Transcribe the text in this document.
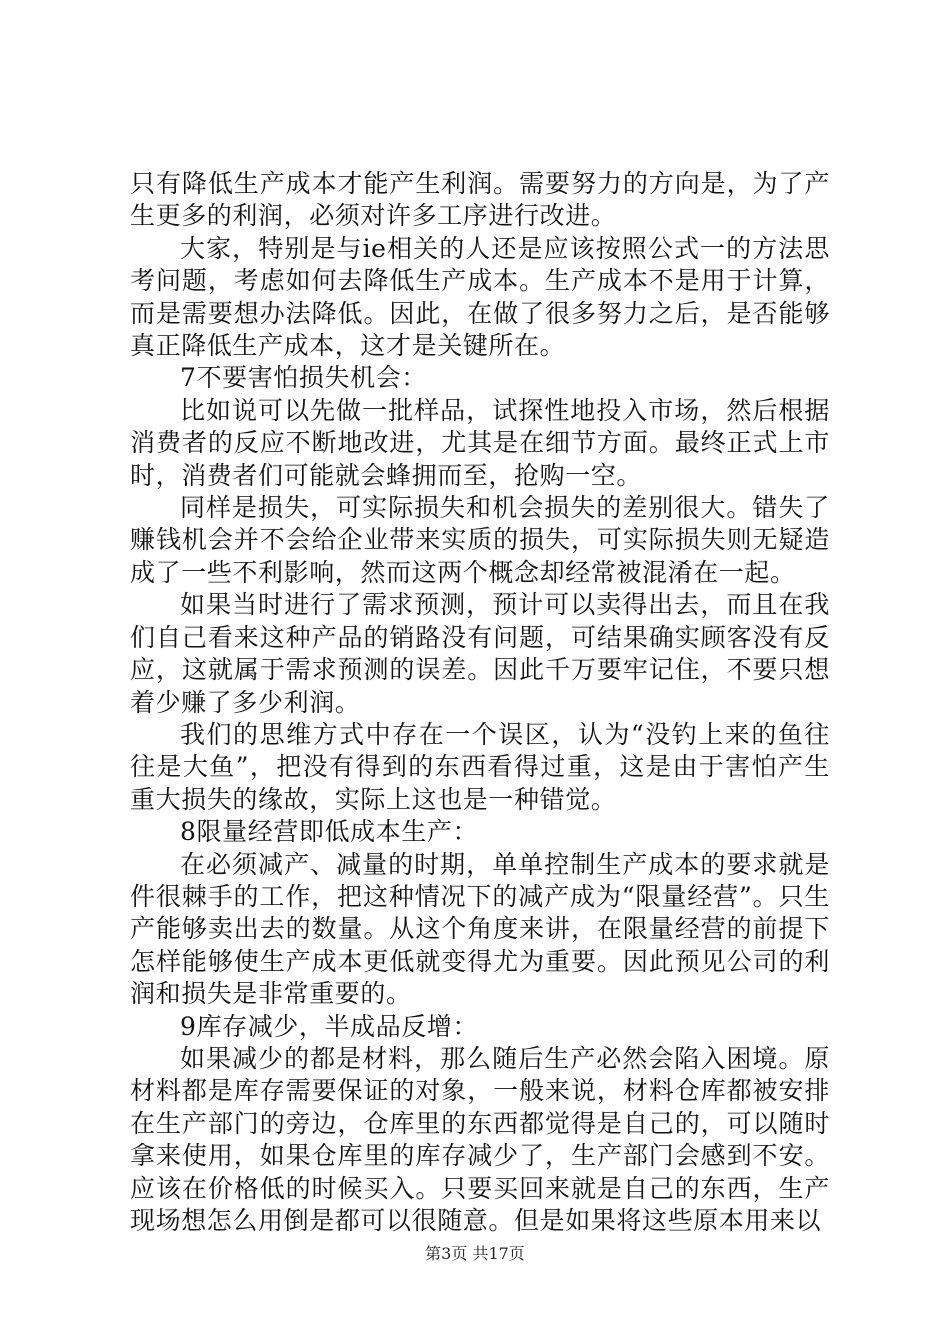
只有降低生产成本才能产生利润。需要努力的方向是，为了产生更多的利润，必须对许多工序进行改进。

大家，特别是与ie相关的人还是应该按照公式一的方法思考问题，考虑如何去降低生产成本。生产成本不是用于计算，而是需要想办法降低。因此，在做了很多努力之后，是否能够真正降低生产成本，这才是关键所在。

7不要害怕损失机会：

比如说可以先做一批样品，试探性地投入市场，然后根据消费者的反应不断地改进，尤其是在细节方面。最终正式上市时，消费者们可能就会蜂拥而至，抢购一空。

同样是损失，可实际损失和机会损失的差别很大。错失了赚钱机会并不会给企业带来实质的损失，可实际损失则无疑造成了一些不利影响，然而这两个概念却经常被混淆在一起。

如果当时进行了需求预测，预计可以卖得出去，而且在我们自己看来这种产品的销路没有问题，可结果确实顾客没有反应，这就属于需求预测的误差。因此千万要牢记住，不要只想着少赚了多少利润。

我们的思维方式中存在一个误区，认为“没钓上来的鱼往往是大鱼”，把没有得到的东西看得过重，这是由于害怕产生重大损失的缘故，实际上这也是一种错觉。

8限量经营即低成本生产：

在必须减产、减量的时期，单单控制生产成本的要求就是件很棘手的工作，把这种情况下的减产成为“限量经营”。只生产能够卖出去的数量。从这个角度来讲，在限量经营的前提下怎样能够使生产成本更低就变得尤为重要。因此预见公司的利润和损失是非常重要的。

9库存减少，半成品反增：

如果减少的都是材料，那么随后生产必然会陷入困境。原材料都是库存需要保证的对象，一般来说，材料仓库都被安排在生产部门的旁边，仓库里的东西都觉得是自己的，可以随时拿来使用，如果仓库里的库存减少了，生产部门会感到不安。应该在价格低的时候买入。只要买回来就是自己的东西，生产现场想怎么用倒是都可以很随意。但是如果将这些原本用来以

第3页 共17页
